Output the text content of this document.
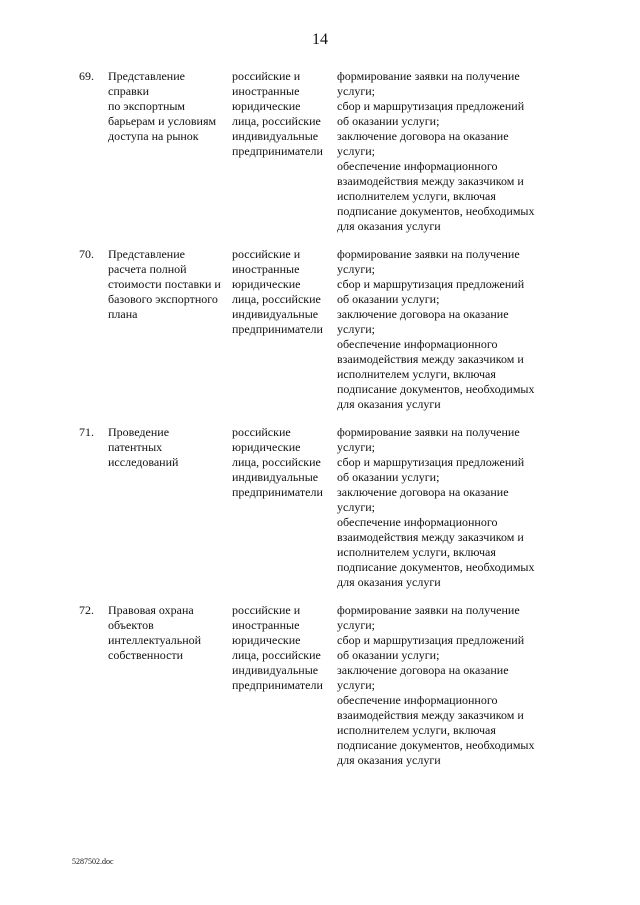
14
69. Представление
справки
по экспортным
барьерам и условиям
доступа на рынок
российские и
иностранные
юридические
лица, российские
индивидуальные
предприниматели
формирование заявки на получение
услуги;
сбор и маршрутизация предложений
об оказании услуги;
заключение договора на оказание
услуги;
обеспечение информационного
взаимодействия между заказчиком и
исполнителем услуги, включая
подписание документов, необходимых
для оказания услуги
70. Представление
расчета полной
стоимости поставки и
базового экспортного
плана
российские и
иностранные
юридические
лица, российские
индивидуальные
предприниматели
формирование заявки на получение
услуги;
сбор и маршрутизация предложений
об оказании услуги;
заключение договора на оказание
услуги;
обеспечение информационного
взаимодействия между заказчиком и
исполнителем услуги, включая
подписание документов, необходимых
для оказания услуги
71. Проведение
патентных
исследований
российские
юридические
лица, российские
индивидуальные
предприниматели
формирование заявки на получение
услуги;
сбор и маршрутизация предложений
об оказании услуги;
заключение договора на оказание
услуги;
обеспечение информационного
взаимодействия между заказчиком и
исполнителем услуги, включая
подписание документов, необходимых
для оказания услуги
72. Правовая охрана
объектов
интеллектуальной
собственности
российские и
иностранные
юридические
лица, российские
индивидуальные
предприниматели
формирование заявки на получение
услуги;
сбор и маршрутизация предложений
об оказании услуги;
заключение договора на оказание
услуги;
обеспечение информационного
взаимодействия между заказчиком и
исполнителем услуги, включая
подписание документов, необходимых
для оказания услуги
5287502.doc
